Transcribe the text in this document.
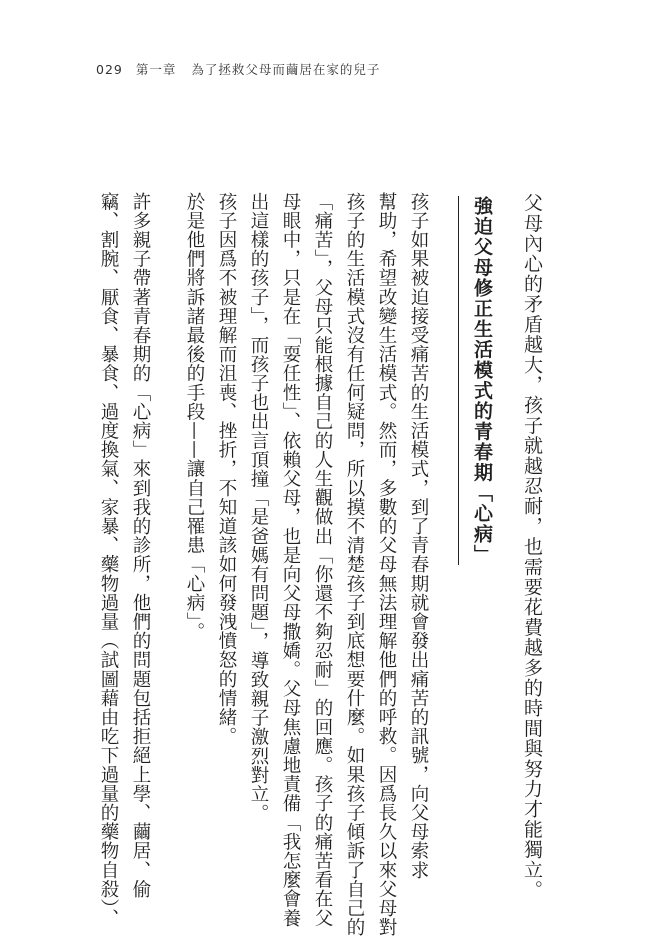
029 第一章 為了拯救父母而繭居在家的兒子
父母內心的矛盾越大，孩子就越忍耐，也需要花費越多的時間與努力才能獨立。
強迫父母修正生活模式的青春期「心病」
孩子如果被迫接受痛苦的生活模式，到了青春期就會發出痛苦的訊號，向父母索求
幫助，希望改變生活模式。然而，多數的父母無法理解他們的呼救。因爲長久以來父母對
孩子的生活模式沒有任何疑問，所以摸不清楚孩子到底想要什麼。如果孩子傾訴了自己的
「痛苦」，父母只能根據自己的人生觀做出「你還不夠忍耐」的回應。孩子的痛苦看在父
母眼中，只是在「耍任性」、依賴父母，也是向父母撒嬌。父母焦慮地責備「我怎麼會養
出這樣的孩子」，而孩子也出言頂撞「是爸媽有問題」，導致親子激烈對立。
孩子因爲不被理解而沮喪、挫折，不知道該如何發洩憤怒的情緒。
於是他們將訴諸最後的手段——讓自己罹患「心病」。
許多親子帶著青春期的「心病」來到我的診所，他們的問題包括拒絕上學、繭居、偷
竊、割腕、厭食、暴食、過度換氣、家暴、藥物過量（試圖藉由吃下過量的藥物自殺）、
